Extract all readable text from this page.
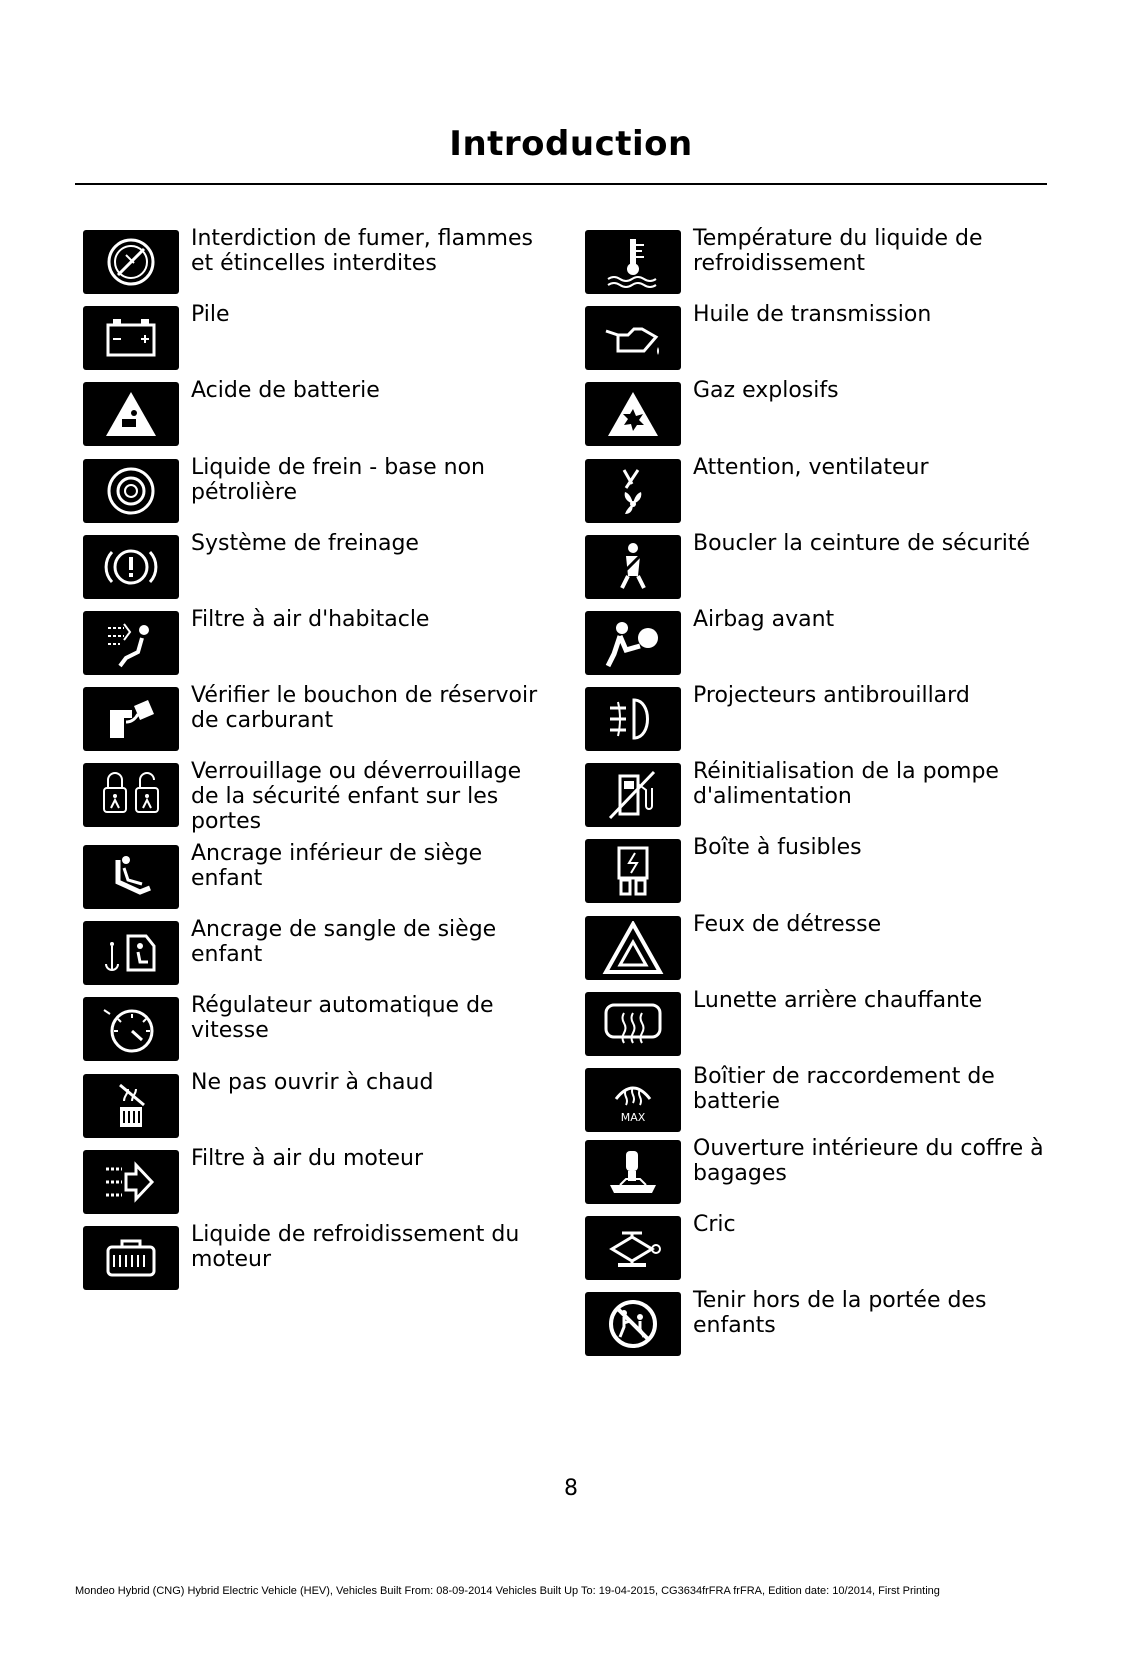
Introduction
Interdiction de fumer, flammes et étincelles interdites
Pile
Acide de batterie
Liquide de frein - base non pétrolière
Système de freinage
Filtre à air d'habitacle
Vérifier le bouchon de réservoir de carburant
Verrouillage ou déverrouillage de la sécurité enfant sur les portes
Ancrage inférieur de siège enfant
Ancrage de sangle de siège enfant
Régulateur automatique de vitesse
Ne pas ouvrir à chaud
Filtre à air du moteur
Liquide de refroidissement du moteur
Température du liquide de refroidissement
Huile de transmission
Gaz explosifs
Attention, ventilateur
Boucler la ceinture de sécurité
Airbag avant
Projecteurs antibrouillard
Réinitialisation de la pompe d'alimentation
Boîte à fusibles
Feux de détresse
Lunette arrière chauffante
MAX
Boîtier de raccordement de batterie
Ouverture intérieure du coffre à bagages
Cric
Tenir hors de la portée des enfants
8
Mondeo Hybrid (CNG) Hybrid Electric Vehicle (HEV), Vehicles Built From: 08-09-2014 Vehicles Built Up To: 19-04-2015, CG3634frFRA frFRA, Edition date: 10/2014, First Printing
